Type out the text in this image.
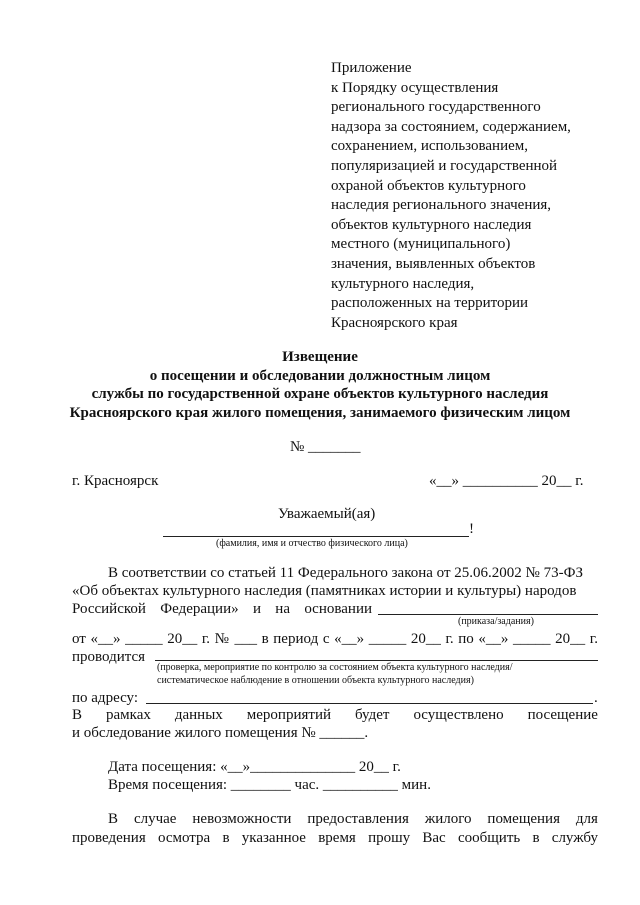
Приложение
к Порядку осуществления
регионального государственного
надзора за состоянием, содержанием,
сохранением, использованием,
популяризацией и государственной
охраной объектов культурного
наследия регионального значения,
объектов культурного наследия
местного (муниципального)
значения, выявленных объектов
культурного наследия,
расположенных на территории
Красноярского края
Извещение
о посещении и обследовании должностным лицом
службы по государственной охране объектов культурного наследия
Красноярского края жилого помещения, занимаемого физическим лицом
№ _______
г. Красноярск	«__» __________ 20__ г.
Уважаемый(ая)
!
(фамилия, имя и отчество физического лица)
В соответствии со статьей 11 Федерального закона от 25.06.2002 № 73-ФЗ
«Об объектах культурного наследия (памятниках истории и культуры) народов
Российской Федерации» и на основании
(приказа/задания)
от «__» _____ 20__ г. № ___ в период с «__» _____ 20__ г. по «__» _____ 20__ г.
проводится
(проверка, мероприятие по контролю за состоянием объекта культурного наследия/
систематическое наблюдение в отношении объекта культурного наследия)
по адресу:	.
В рамках данных мероприятий будет осуществлено посещение
и обследование жилого помещения № ______.
Дата посещения: «__»______________ 20__ г.
Время посещения: ________ час. __________ мин.
В случае невозможности предоставления жилого помещения для
проведения осмотра в указанное время прошу Вас сообщить в службу
